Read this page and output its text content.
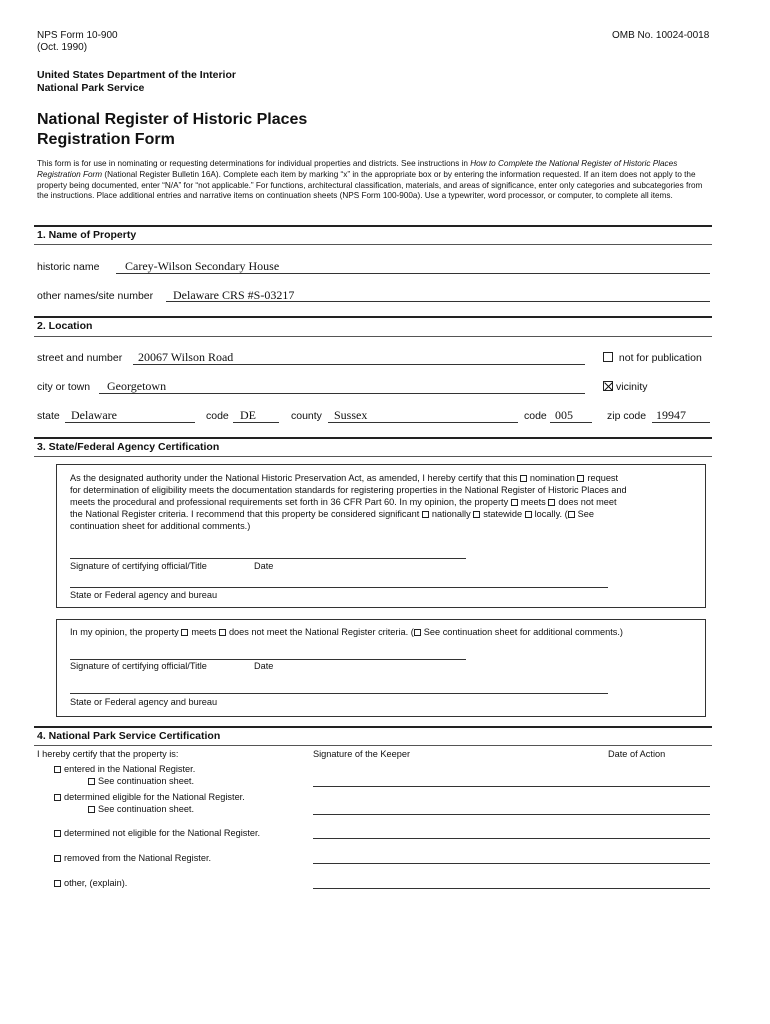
NPS Form 10-900
(Oct. 1990)
OMB No. 10024-0018
United States Department of the Interior
National Park Service
National Register of Historic Places
Registration Form
This form is for use in nominating or requesting determinations for individual properties and districts. See instructions in How to Complete the National Register of Historic Places Registration Form (National Register Bulletin 16A). Complete each item by marking “x” in the appropriate box or by entering the information requested. If an item does not apply to the property being documented, enter “N/A” for “not applicable.” For functions, architectural classification, materials, and areas of significance, enter only categories and subcategories from the instructions. Place additional entries and narrative items on continuation sheets (NPS Form 100-900a). Use a typewriter, word processor, or computer, to complete all items.
1. Name of Property
historic name Carey-Wilson Secondary House
other names/site number Delaware CRS #S-03217
2. Location
street and number 20067 Wilson Road	not for publication
city or town Georgetown	vicinity
state Delaware	code DE	county Sussex	code 005	zip code 19947
3. State/Federal Agency Certification
As the designated authority under the National Historic Preservation Act, as amended, I hereby certify that this nomination request
for determination of eligibility meets the documentation standards for registering properties in the National Register of Historic Places and
meets the procedural and professional requirements set forth in 36 CFR Part 60. In my opinion, the property meets does not meet
the National Register criteria. I recommend that this property be considered significant nationally statewide locally. ( See
continuation sheet for additional comments.)
Signature of certifying official/Title	Date
State or Federal agency and bureau
In my opinion, the property meets does not meet the National Register criteria. ( See continuation sheet for additional comments.)
Signature of certifying official/Title	Date
State or Federal agency and bureau
4. National Park Service Certification
I hereby certify that the property is:	Signature of the Keeper	Date of Action
entered in the National Register.
See continuation sheet.
determined eligible for the National Register.
See continuation sheet.
determined not eligible for the National Register.
removed from the National Register.
other, (explain).
